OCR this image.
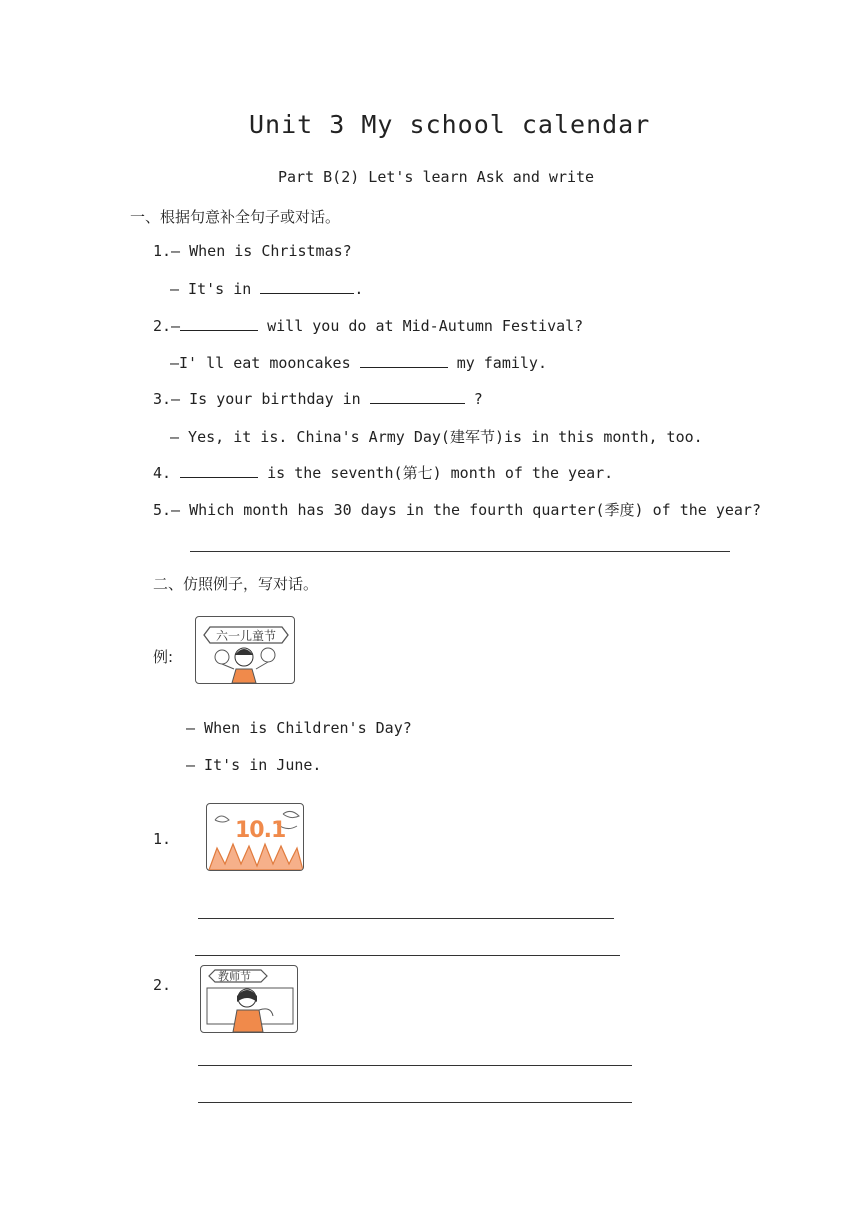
Unit 3 My school calendar
Part B(2) Let's learn Ask and write
一、根据句意补全句子或对话。
1.— When is Christmas?
— It's in	.
2.—	will you do at Mid-Autumn Festival?
—I' ll eat mooncakes	my family.
3.— Is your birthday in	?
— Yes, it is. China's Army Day(建军节)is in this month, too.
4.	is the seventh(第七) month of the year.
5.— Which month has 30 days in the fourth quarter(季度) of the year?
二、仿照例子，写对话。
例:
六一儿童节
— When is Children's Day?
— It's in June.
1.	10.1
2.	教师节
